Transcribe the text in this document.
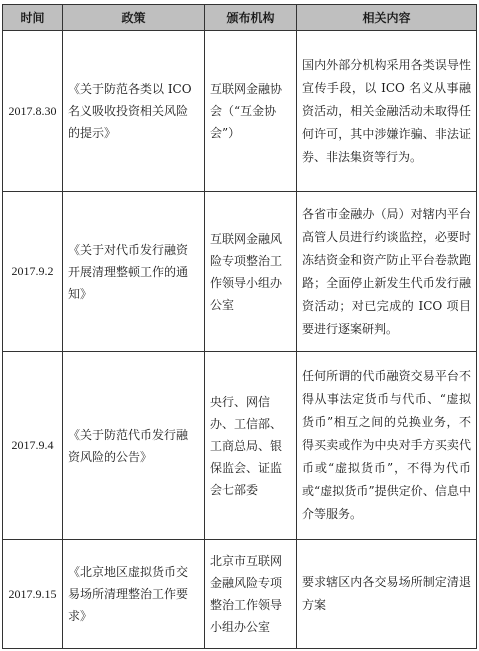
时间	政策	颁布机构	相关内容
2017.8.30	《关于防范各类以 ICO 名义吸收投资相关风险的提示》	互联网金融协会（“互金协会”）	国内外部分机构采用各类误导性宣传手段，以 ICO 名义从事融资活动，相关金融活动未取得任何许可，其中涉嫌诈骗、非法证券、非法集资等行为。
2017.9.2	《关于对代币发行融资开展清理整顿工作的通知》	互联网金融风险专项整治工作领导小组办公室	各省市金融办（局）对辖内平台高管人员进行约谈监控，必要时冻结资金和资产防止平台卷款跑路；全面停止新发生代币发行融资活动；对已完成的 ICO 项目要进行逐案研判。
2017.9.4	《关于防范代币发行融资风险的公告》	央行、网信办、工信部、工商总局、银保监会、证监会七部委	任何所谓的代币融资交易平台不得从事法定货币与代币、“虚拟货币”相互之间的兑换业务，不得买卖或作为中央对手方买卖代币或“虚拟货币”，不得为代币或“虚拟货币”提供定价、信息中介等服务。
2017.9.15	《北京地区虚拟货币交易场所清理整治工作要求》	北京市互联网金融风险专项整治工作领导小组办公室	要求辖区内各交易场所制定清退方案
